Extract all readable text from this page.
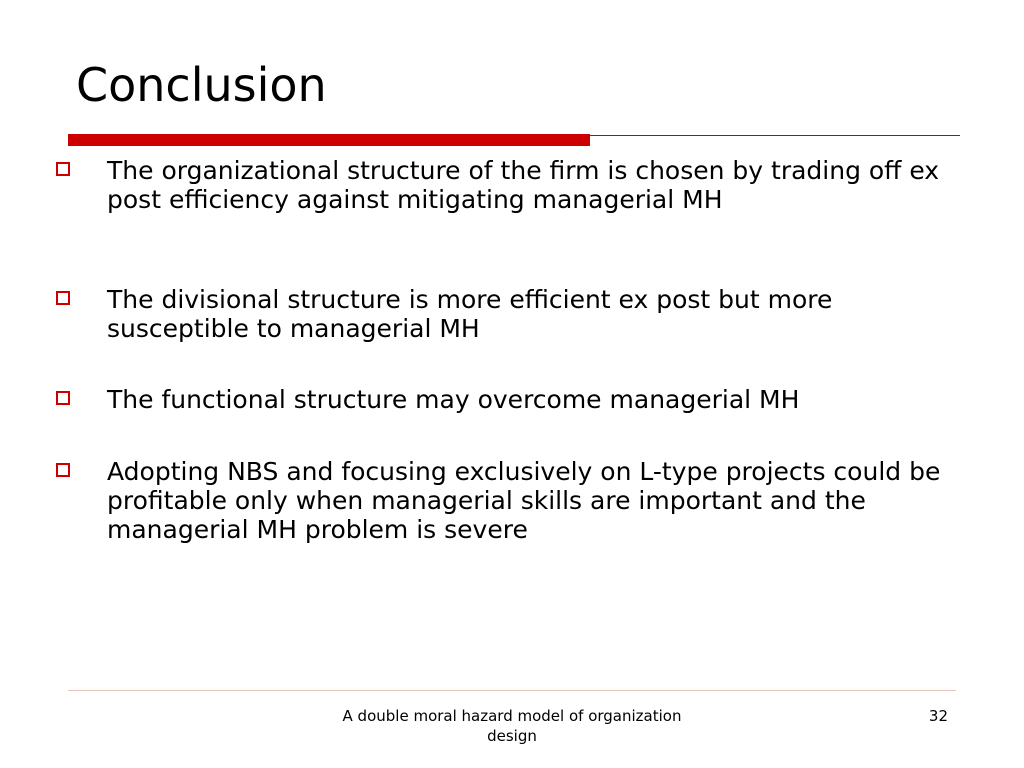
Conclusion
The organizational structure of the firm is chosen by trading off ex post efficiency against mitigating managerial MH
The divisional structure is more efficient ex post but more susceptible to managerial MH
The functional structure may overcome managerial MH
Adopting NBS and focusing exclusively on L-type projects could be profitable only when managerial skills are important and the managerial MH problem is severe
A double moral hazard model of organization design
32
